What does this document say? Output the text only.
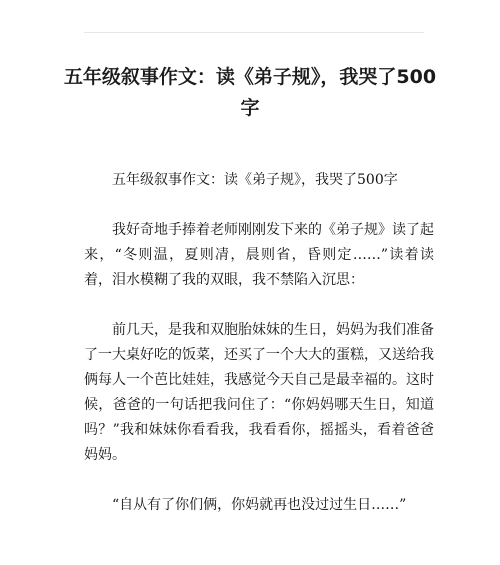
五年级叙事作文：读《弟子规》，我哭了500字

五年级叙事作文：读《弟子规》，我哭了500字

我好奇地手捧着老师刚刚发下来的《弟子规》读了起来，“冬则温，夏则凊，晨则省，昏则定……”读着读着，泪水模糊了我的双眼，我不禁陷入沉思：

前几天，是我和双胞胎妹妹的生日，妈妈为我们准备了一大桌好吃的饭菜，还买了一个大大的蛋糕，又送给我俩每人一个芭比娃娃，我感觉今天自己是最幸福的。这时候，爸爸的一句话把我问住了：“你妈妈哪天生日，知道吗？”我和妹妹你看看我，我看看你，摇摇头，看着爸爸妈妈。

“自从有了你们俩，你妈就再也没过过生日……”
